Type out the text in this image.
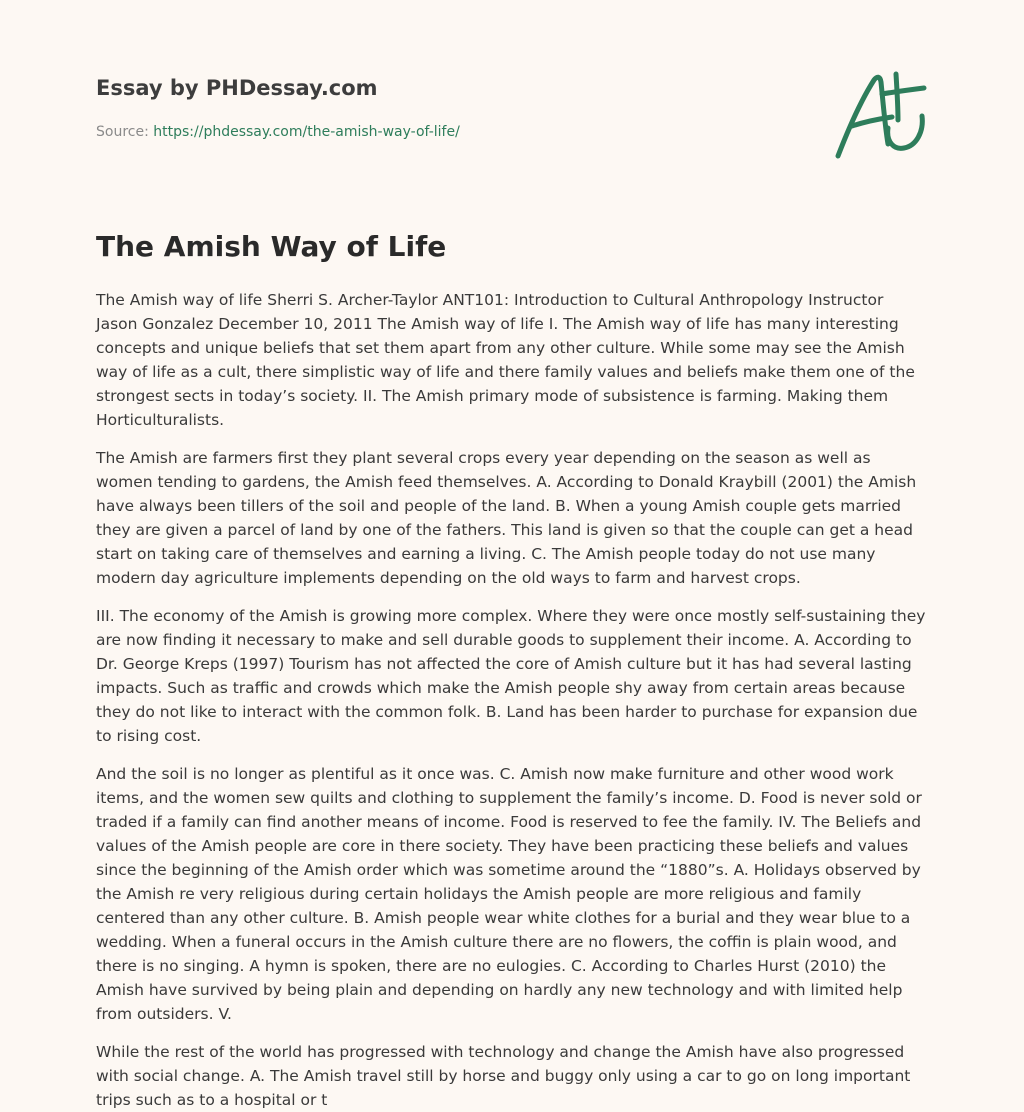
Essay by PHDessay.com
Source: https://phdessay.com/the-amish-way-of-life/
The Amish Way of Life

The Amish way of life Sherri S. Archer-Taylor ANT101: Introduction to Cultural Anthropology Instructor Jason Gonzalez December 10, 2011 The Amish way of life I. The Amish way of life has many interesting concepts and unique beliefs that set them apart from any other culture. While some may see the Amish way of life as a cult, there simplistic way of life and there family values and beliefs make them one of the strongest sects in today’s society. II. The Amish primary mode of subsistence is farming. Making them Horticulturalists.

The Amish are farmers first they plant several crops every year depending on the season as well as women tending to gardens, the Amish feed themselves. A. According to Donald Kraybill (2001) the Amish have always been tillers of the soil and people of the land. B. When a young Amish couple gets married they are given a parcel of land by one of the fathers. This land is given so that the couple can get a head start on taking care of themselves and earning a living. C. The Amish people today do not use many modern day agriculture implements depending on the old ways to farm and harvest crops.

III. The economy of the Amish is growing more complex. Where they were once mostly self-sustaining they are now finding it necessary to make and sell durable goods to supplement their income. A. According to Dr. George Kreps (1997) Tourism has not affected the core of Amish culture but it has had several lasting impacts. Such as traffic and crowds which make the Amish people shy away from certain areas because they do not like to interact with the common folk. B. Land has been harder to purchase for expansion due to rising cost.

And the soil is no longer as plentiful as it once was. C. Amish now make furniture and other wood work items, and the women sew quilts and clothing to supplement the family’s income. D. Food is never sold or traded if a family can find another means of income. Food is reserved to fee the family. IV. The Beliefs and values of the Amish people are core in there society. They have been practicing these beliefs and values since the beginning of the Amish order which was sometime around the “1880”s. A. Holidays observed by the Amish re very religious during certain holidays the Amish people are more religious and family centered than any other culture. B. Amish people wear white clothes for a burial and they wear blue to a wedding. When a funeral occurs in the Amish culture there are no flowers, the coffin is plain wood, and there is no singing. A hymn is spoken, there are no eulogies. C. According to Charles Hurst (2010) the Amish have survived by being plain and depending on hardly any new technology and with limited help from outsiders. V.

While the rest of the world has progressed with technology and change the Amish have also progressed with social change. A. The Amish travel still by horse and buggy only using a car to go on long important trips such as to a hospital or t
